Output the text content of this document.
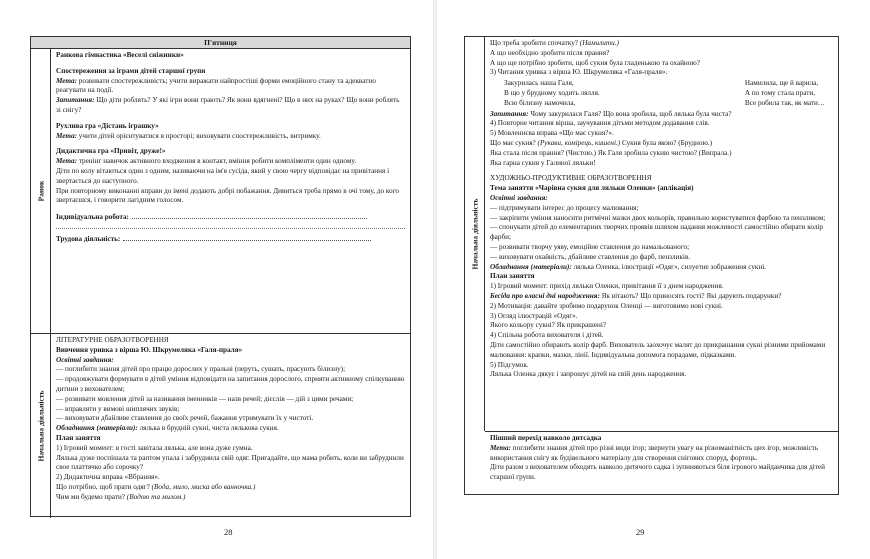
П'ятниця
Ранок

Ранкова гімнастика «Веселі сніжинки»

Спостереження за іграми дітей старшої групи

Мета: розвивати спостережливість; учити виражати найпростіші форми емоційного стану та адекватно реагувати на події.

Запитання: Що діти роблять? У які ігри вони грають? Як вони вдягнені? Що в них на руках? Що вони роблять зі снігу?

Рухлива гра «Дістань іграшку»

Мета: учити дітей орієнтуватися в просторі; виховувати спостережливість, витримку.

Дидактична гра «Привіт, друже!»

Мета: тренінг навичок активного входження в контакт, вміння робити компліменти один одному.

Діти по колу вітаються один з одним, називаючи на ім'я сусіда, який у свою чергу відповідає на привітання і звертається до наступного.

При повторному виконанні вправи до імені додають добрі побажання. Дивиться треба прямо в очі тому, до кого звертаєшся, і говорити лагідним голосом.

Індивідуальна робота:

Трудова діяльність:

Начальна діяльність

ЛІТЕРАТУРНЕ ОБРАЗОТВОРЕННЯ

Вивчення уривка з вірша Ю. Шкрумеляка «Галя-праля»

Освітні завдання:

— поглибити знання дітей про працю дорослих у пральні (перуть, сушать, прасують білизну);

— продовжувати формувати в дітей уміння відповідати на запитання дорослого, сприяти активному спілкуванню дитини з вихователем;

— розвивати мовлення дітей за називання іменників — назв речей; дієслів — дій з цими речами;

— вправляти у вимові шиплячих звуків;

— виховувати дбайливе ставлення до своїх речей, бажання утримувати їх у чистоті.

Обладнання (матеріали): лялька в брудній сукні, чиста лялькова сукня.

План заняття

1) Ігровий момент: в гості завітала лялька, але вона дуже сумна.

Лялька дуже поспішала та раптом упала і забруднила свій одяг. Пригадайте, що мама робить, коли ви забруднили свое платтячко або сорочку?

2) Дидактична вправа «Вбрання».

Що потрібно, щоб прати одяг? (Вода, мило, миска або ванночка.)

Чим ми будемо прати? (Водою та милом.)

28
Начальна діяльність

Що треба зробити спочатку? (Намилити.)

А що необхідно зробити після прання?

А що ще потрібно зробити, щоб сукня була гладенькою та охайною?

3) Читання уривка з вірша Ю. Шкрумеляка «Галя-праля».

Закурилась наша Галя,

В що у брудному ходить лялля.

Всю білизну намочила,

Намилила, ще й варила,

А по тому стала прати,

Все робила так, як мати…

Запитання: Чому закурилася Галя? Що вона зробила, щоб лялька була чиста?

4) Повторне читання вірша, заучування дітьми методом додавання слів.

5) Мовленнєва вправа «Що має сукня?».

Що має сукня? (Рукави, комірець, кишені.) Сукня була якою? (Брудною.)

Яка стала після прання? (Чистою.) Як Галя зробила сукню чистою? (Випрала.)

Яка гарна сукня у Галиної ляльки!

ХУДОЖНЬО-ПРОДУКТИВНЕ ОБРАЗОТВОРЕННЯ

Тема заняття «Чарівна сукня для ляльки Оленки» (аплікація)

Освітні завдання:

— підтримувати інтерес до процесу малювання;

— закріпити уміння наносити ритмічні мазки двох кольорів, правильно користуватися фарбою та пензликом;

— спонукати дітей до елементарних творчих проявів шляхом надання можливості самостійно обирати колір фарби;

— розвивати творчу уяву, емоційне ставлення до намальованого;

— виховувати охайність, дбайливе ставлення до фарб, пензликів.

Обладнання (матеріали): лялька Оленка, ілюстрації «Одяг», силуетне зображення сукні.

План заняття

1) Ігровий момент: прихід ляльки Оленки, привітання її з днем народження.

Бесіда про власні дні народження: Як вітають? Що приносять гості? Які дарують подарунки?

2) Мотивація: давайте зробимо подарунок Оленці — виготовимо нові сукні.

3) Огляд ілюстрацій «Одяг».

Якого кольору сукні? Як прикрашені?

4) Спільна робота вихователя і дітей.

Діти самостійно обирають колір фарб. Вихователь заохочує малят до прикрашання сукні різними прийомами малювання: крапки, мазки, лінії. Індивідуальна допомога порадами, підказками.

5) Підсумок.

Лялька Оленка дякує і запрошує дітей на свій день народження.

Пішпий перехід навколо дитсадка

Мета: поглибити знання дітей про різні види ігор; звернути увагу на різноманітність цих ігор, можливість використання снігу як будівельного матеріалу для створення снігових споруд, фортець.

Діти разом з вихователем обходять навколо дитячого садка і зупиняються біля ігрового майданчика для дітей старшої групи.

29
